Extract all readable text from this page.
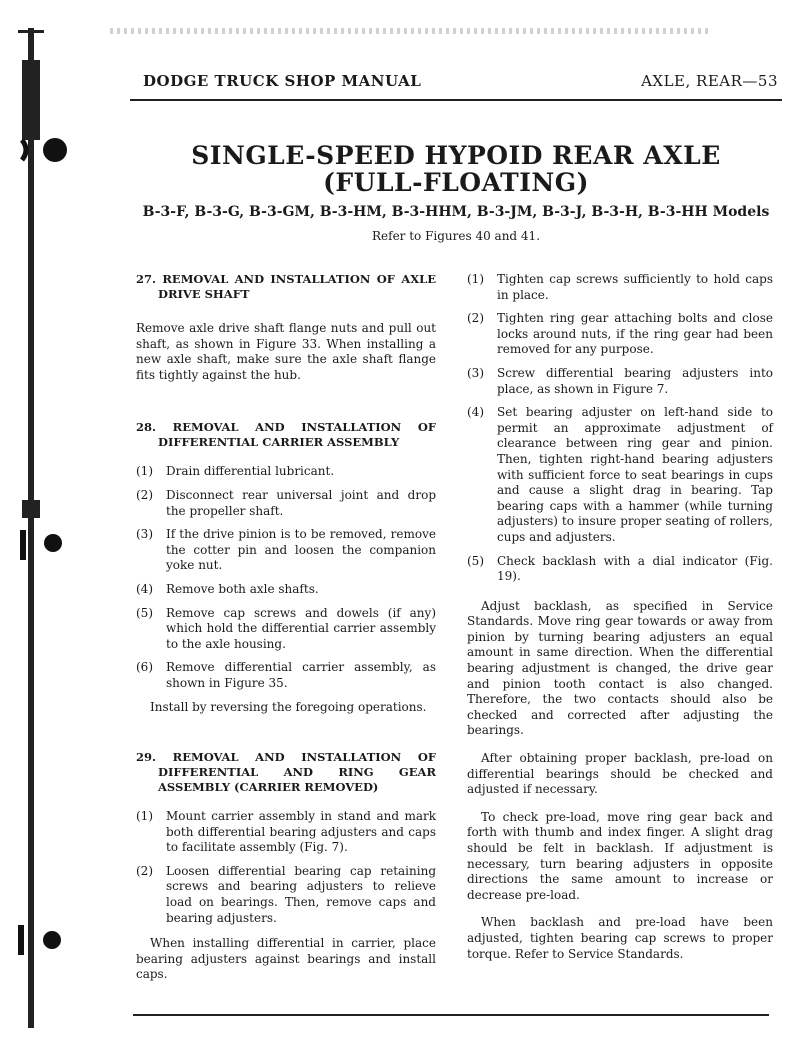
DODGE TRUCK SHOP MANUAL	AXLE, REAR—53
SINGLE-SPEED HYPOID REAR AXLE
(FULL-FLOATING)
B-3-F, B-3-G, B-3-GM, B-3-HM, B-3-HHM, B-3-JM, B-3-J, B-3-H, B-3-HH Models
Refer to Figures 40 and 41.

27. REMOVAL AND INSTALLATION OF AXLE DRIVE SHAFT

Remove axle drive shaft flange nuts and pull out shaft, as shown in Figure 33. When installing a new axle shaft, make sure the axle shaft flange fits tightly against the hub.

28. REMOVAL AND INSTALLATION OF DIFFERENTIAL CARRIER ASSEMBLY

(1) Drain differential lubricant.

(2) Disconnect rear universal joint and drop the propeller shaft.

(3) If the drive pinion is to be removed, remove the cotter pin and loosen the companion yoke nut.

(4) Remove both axle shafts.

(5) Remove cap screws and dowels (if any) which hold the differential carrier assembly to the axle housing.

(6) Remove differential carrier assembly, as shown in Figure 35.

Install by reversing the foregoing operations.

29. REMOVAL AND INSTALLATION OF DIFFERENTIAL AND RING GEAR ASSEMBLY (CARRIER REMOVED)

(1) Mount carrier assembly in stand and mark both differential bearing adjusters and caps to facilitate assembly (Fig. 7).

(2) Loosen differential bearing cap retaining screws and bearing adjusters to relieve load on bearings. Then, remove caps and bearing adjusters.

When installing differential in carrier, place bearing adjusters against bearings and install caps.

(1) Tighten cap screws sufficiently to hold caps in place.

(2) Tighten ring gear attaching bolts and close locks around nuts, if the ring gear had been removed for any purpose.

(3) Screw differential bearing adjusters into place, as shown in Figure 7.

(4) Set bearing adjuster on left-hand side to permit an approximate adjustment of clearance between ring gear and pinion. Then, tighten right-hand bearing adjusters with sufficient force to seat bearings in cups and cause a slight drag in bearing. Tap bearing caps with a hammer (while turning adjusters) to insure proper seating of rollers, cups and adjusters.

(5) Check backlash with a dial indicator (Fig. 19).

Adjust backlash, as specified in Service Standards. Move ring gear towards or away from pinion by turning bearing adjusters an equal amount in same direction. When the differential bearing adjustment is changed, the drive gear and pinion tooth contact is also changed. Therefore, the two contacts should also be checked and corrected after adjusting the bearings.

After obtaining proper backlash, pre-load on differential bearings should be checked and adjusted if necessary.

To check pre-load, move ring gear back and forth with thumb and index finger. A slight drag should be felt in backlash. If adjustment is necessary, turn bearing adjusters in opposite directions the same amount to increase or decrease pre-load.

When backlash and pre-load have been adjusted, tighten bearing cap screws to proper torque. Refer to Service Standards.
